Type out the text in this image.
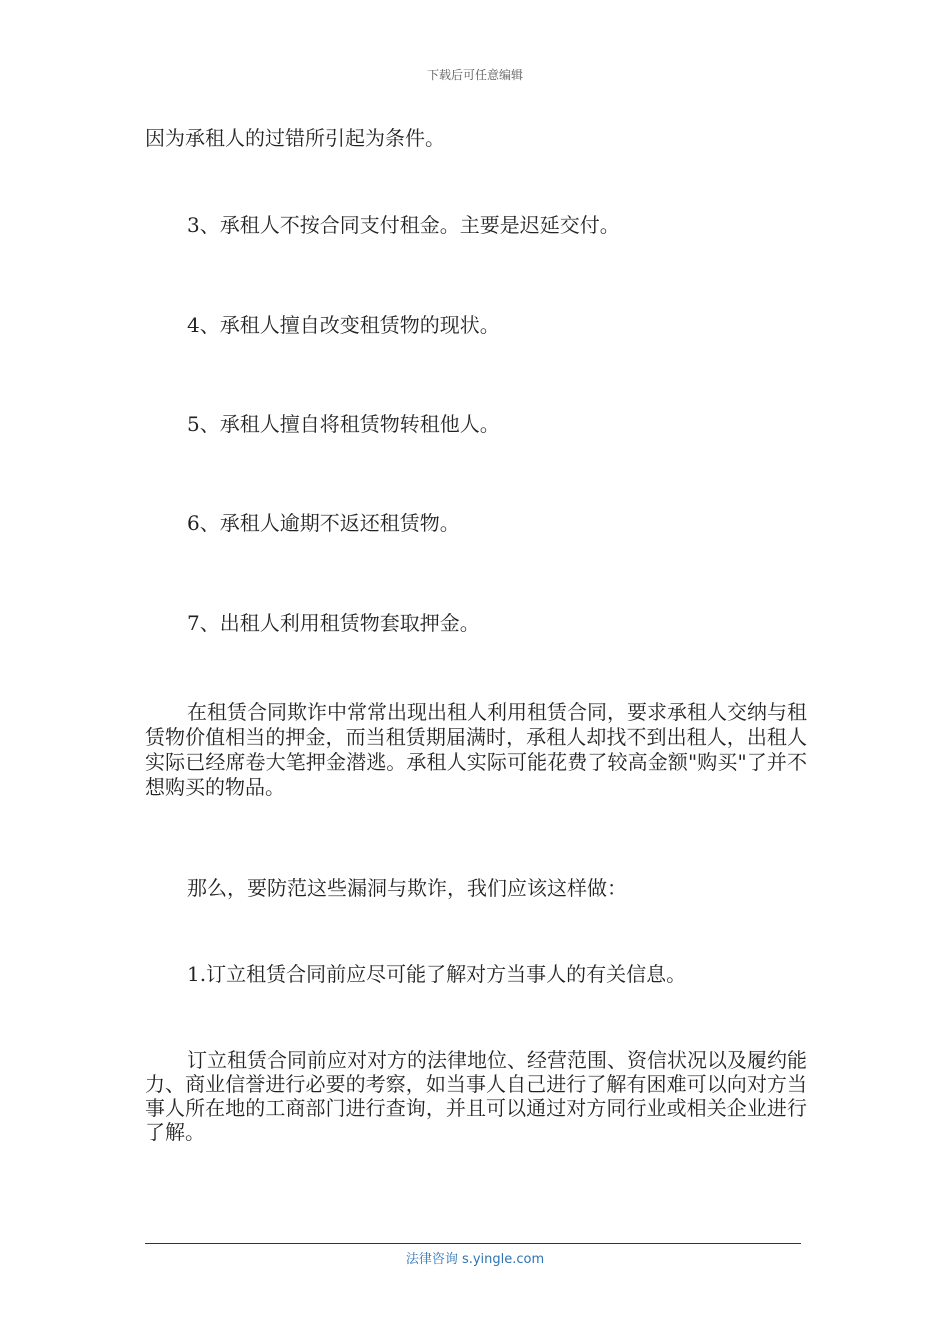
下载后可任意编辑

因为承租人的过错所引起为条件。

3、承租人不按合同支付租金。主要是迟延交付。

4、承租人擅自改变租赁物的现状。

5、承租人擅自将租赁物转租他人。

6、承租人逾期不返还租赁物。

7、出租人利用租赁物套取押金。

在租赁合同欺诈中常常出现出租人利用租赁合同，要求承租人交纳与租赁物价值相当的押金，而当租赁期届满时，承租人却找不到出租人，出租人实际已经席卷大笔押金潜逃。承租人实际可能花费了较高金额"购买"了并不想购买的物品。

那么，要防范这些漏洞与欺诈，我们应该这样做：

1.订立租赁合同前应尽可能了解对方当事人的有关信息。

订立租赁合同前应对对方的法律地位、经营范围、资信状况以及履约能力、商业信誉进行必要的考察，如当事人自己进行了解有困难可以向对方当事人所在地的工商部门进行查询，并且可以通过对方同行业或相关企业进行了解。

法律咨询 s.yingle.com
